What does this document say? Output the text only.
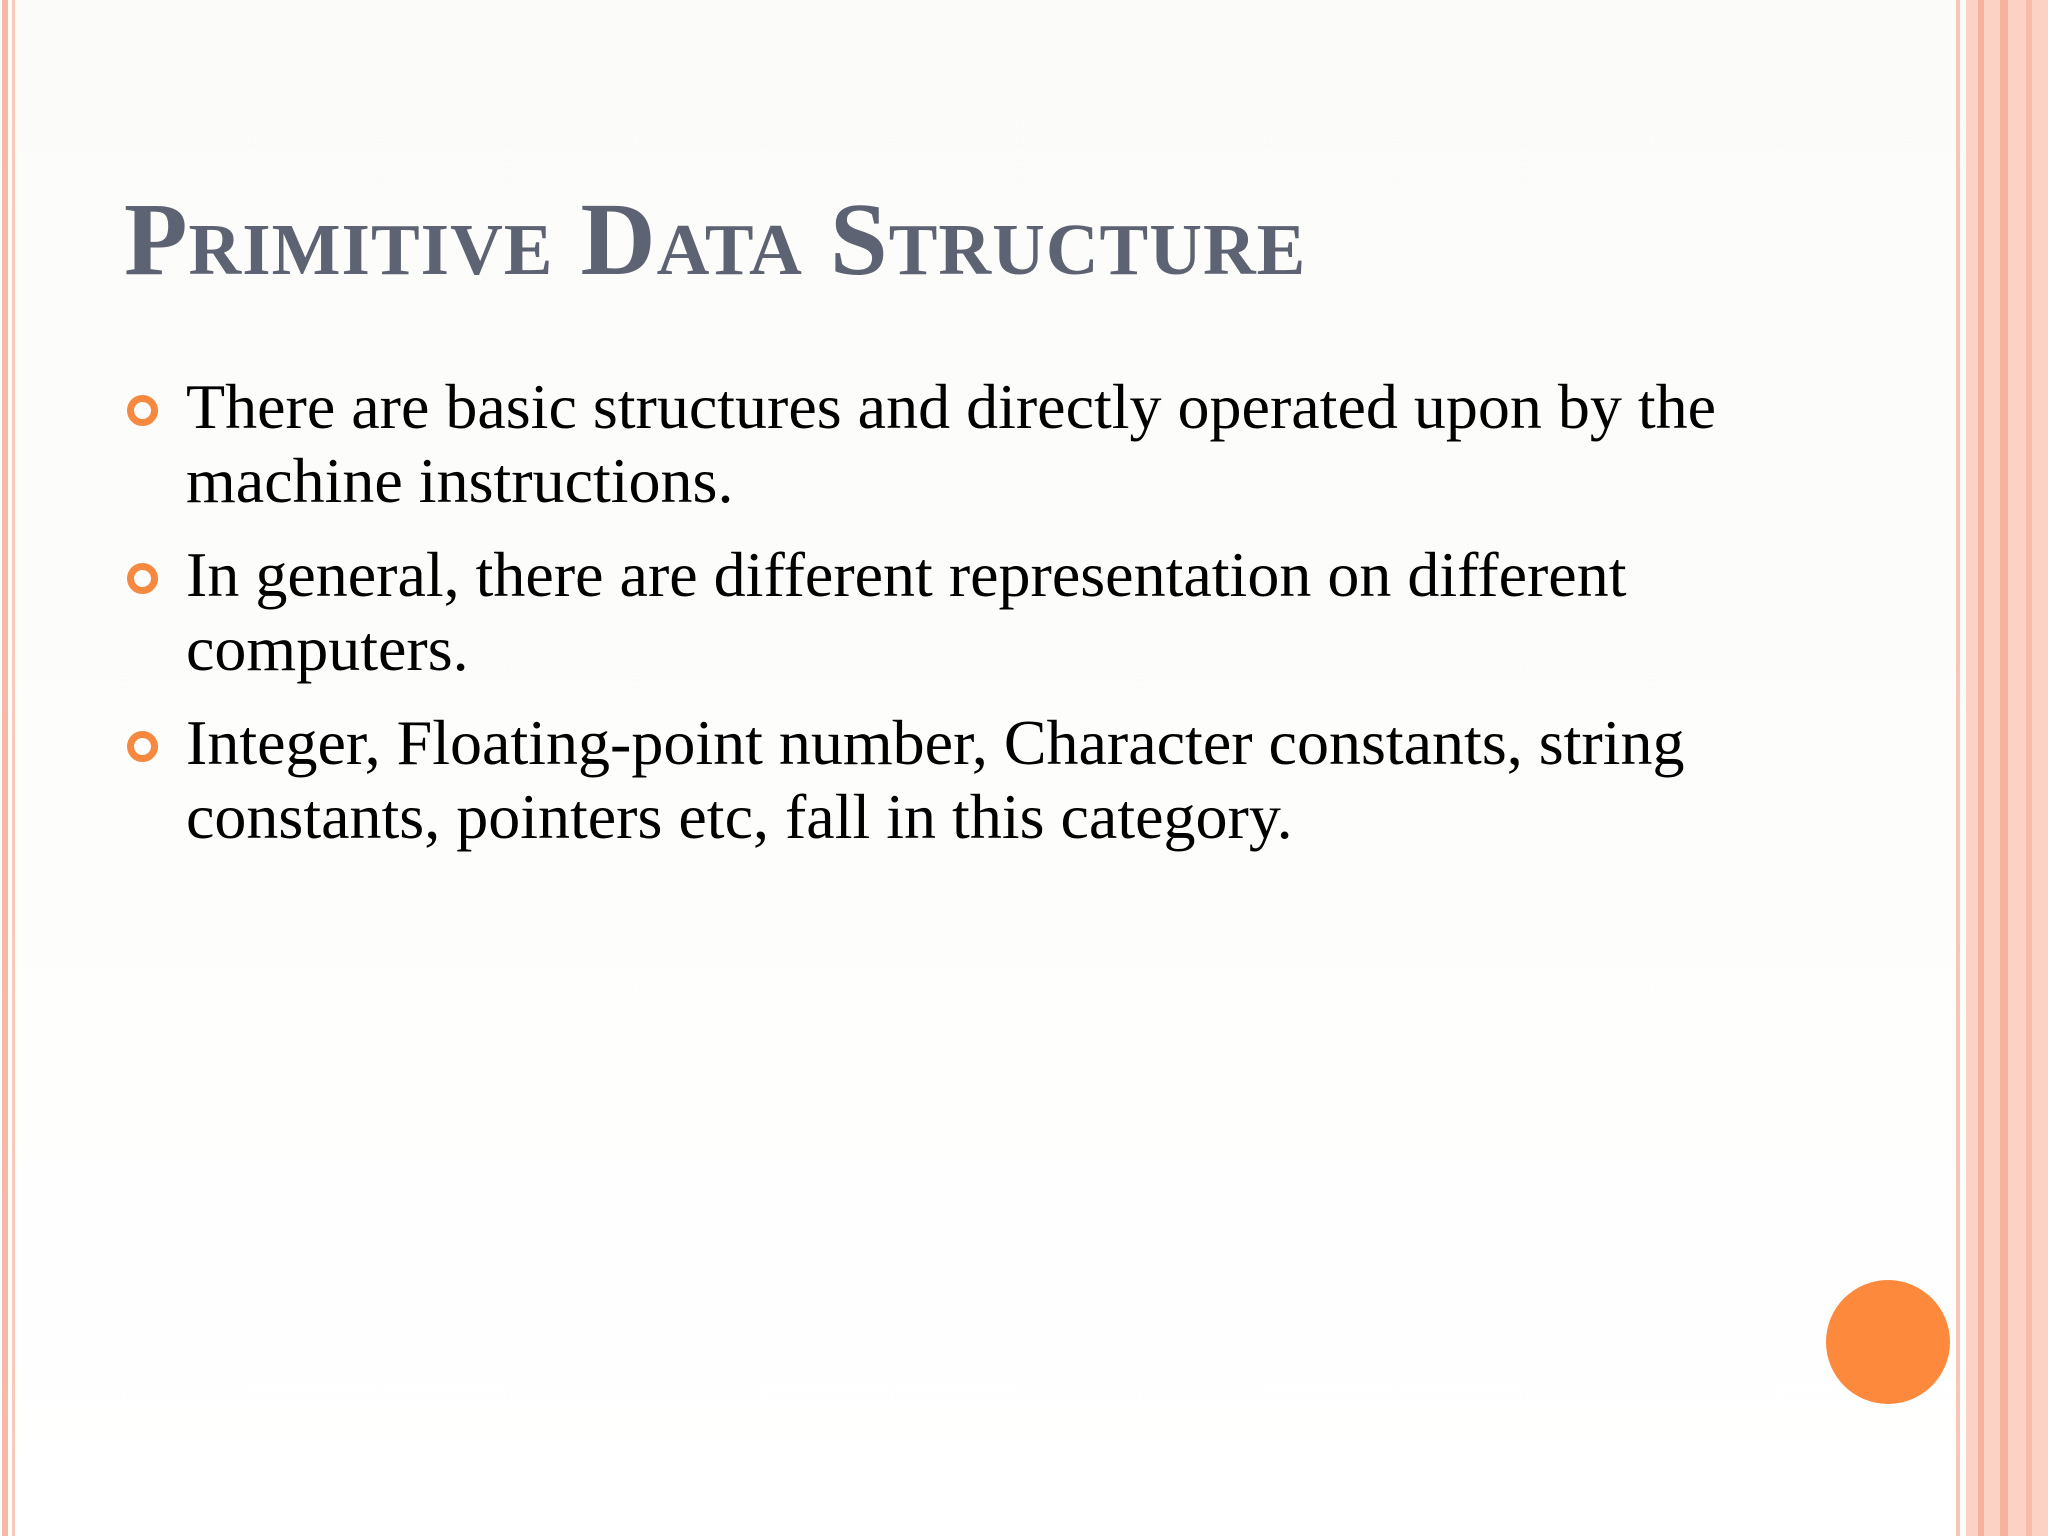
Primitive Data Structure
There are basic structures and directly operated upon by the machine instructions.
In general, there are different representation on different computers.
Integer, Floating-point number, Character constants, string constants, pointers etc, fall in this category.
